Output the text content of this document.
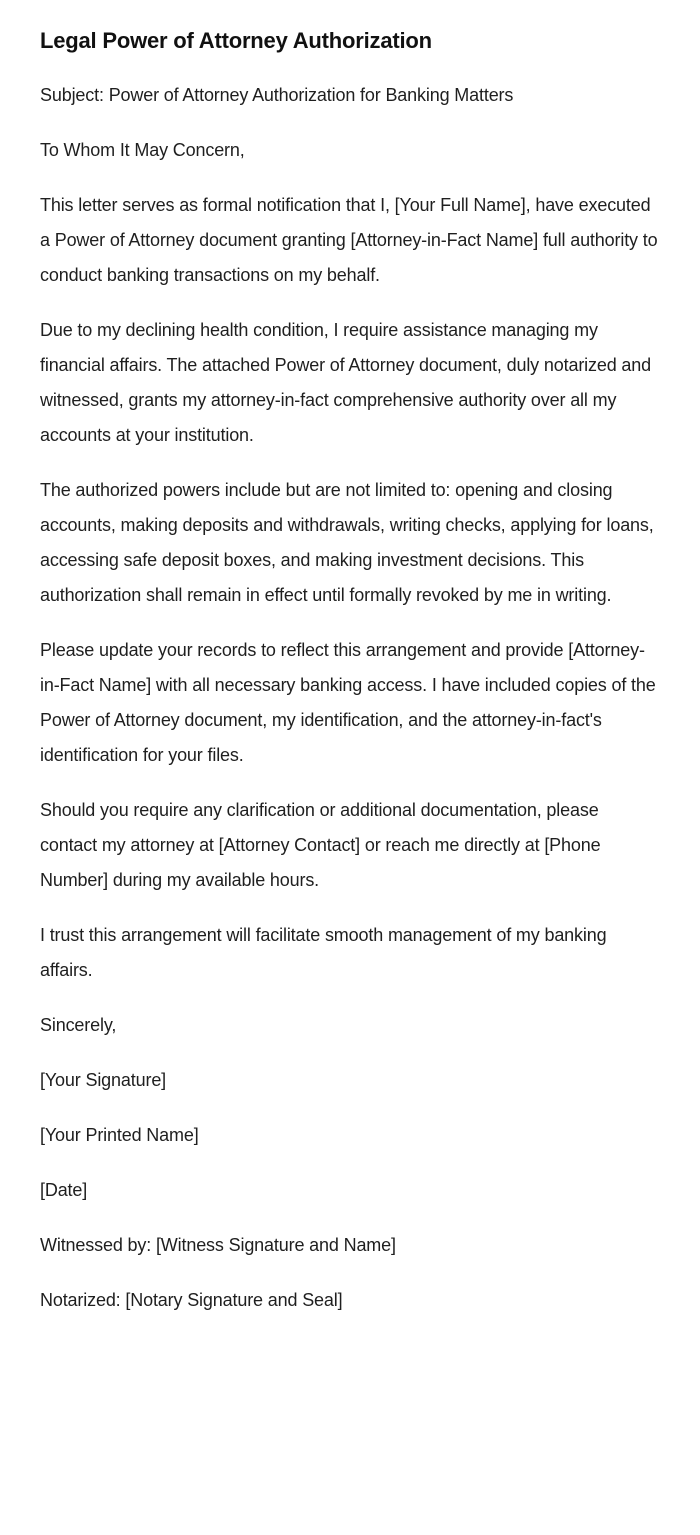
Legal Power of Attorney Authorization

Subject: Power of Attorney Authorization for Banking Matters

To Whom It May Concern,

This letter serves as formal notification that I, [Your Full Name], have executed a Power of Attorney document granting [Attorney-in-Fact Name] full authority to conduct banking transactions on my behalf.

Due to my declining health condition, I require assistance managing my financial affairs. The attached Power of Attorney document, duly notarized and witnessed, grants my attorney-in-fact comprehensive authority over all my accounts at your institution.

The authorized powers include but are not limited to: opening and closing accounts, making deposits and withdrawals, writing checks, applying for loans, accessing safe deposit boxes, and making investment decisions. This authorization shall remain in effect until formally revoked by me in writing.

Please update your records to reflect this arrangement and provide [Attorney-in-Fact Name] with all necessary banking access. I have included copies of the Power of Attorney document, my identification, and the attorney-in-fact's identification for your files.

Should you require any clarification or additional documentation, please contact my attorney at [Attorney Contact] or reach me directly at [Phone Number] during my available hours.

I trust this arrangement will facilitate smooth management of my banking affairs.

Sincerely,

[Your Signature]

[Your Printed Name]

[Date]

Witnessed by: [Witness Signature and Name]

Notarized: [Notary Signature and Seal]
